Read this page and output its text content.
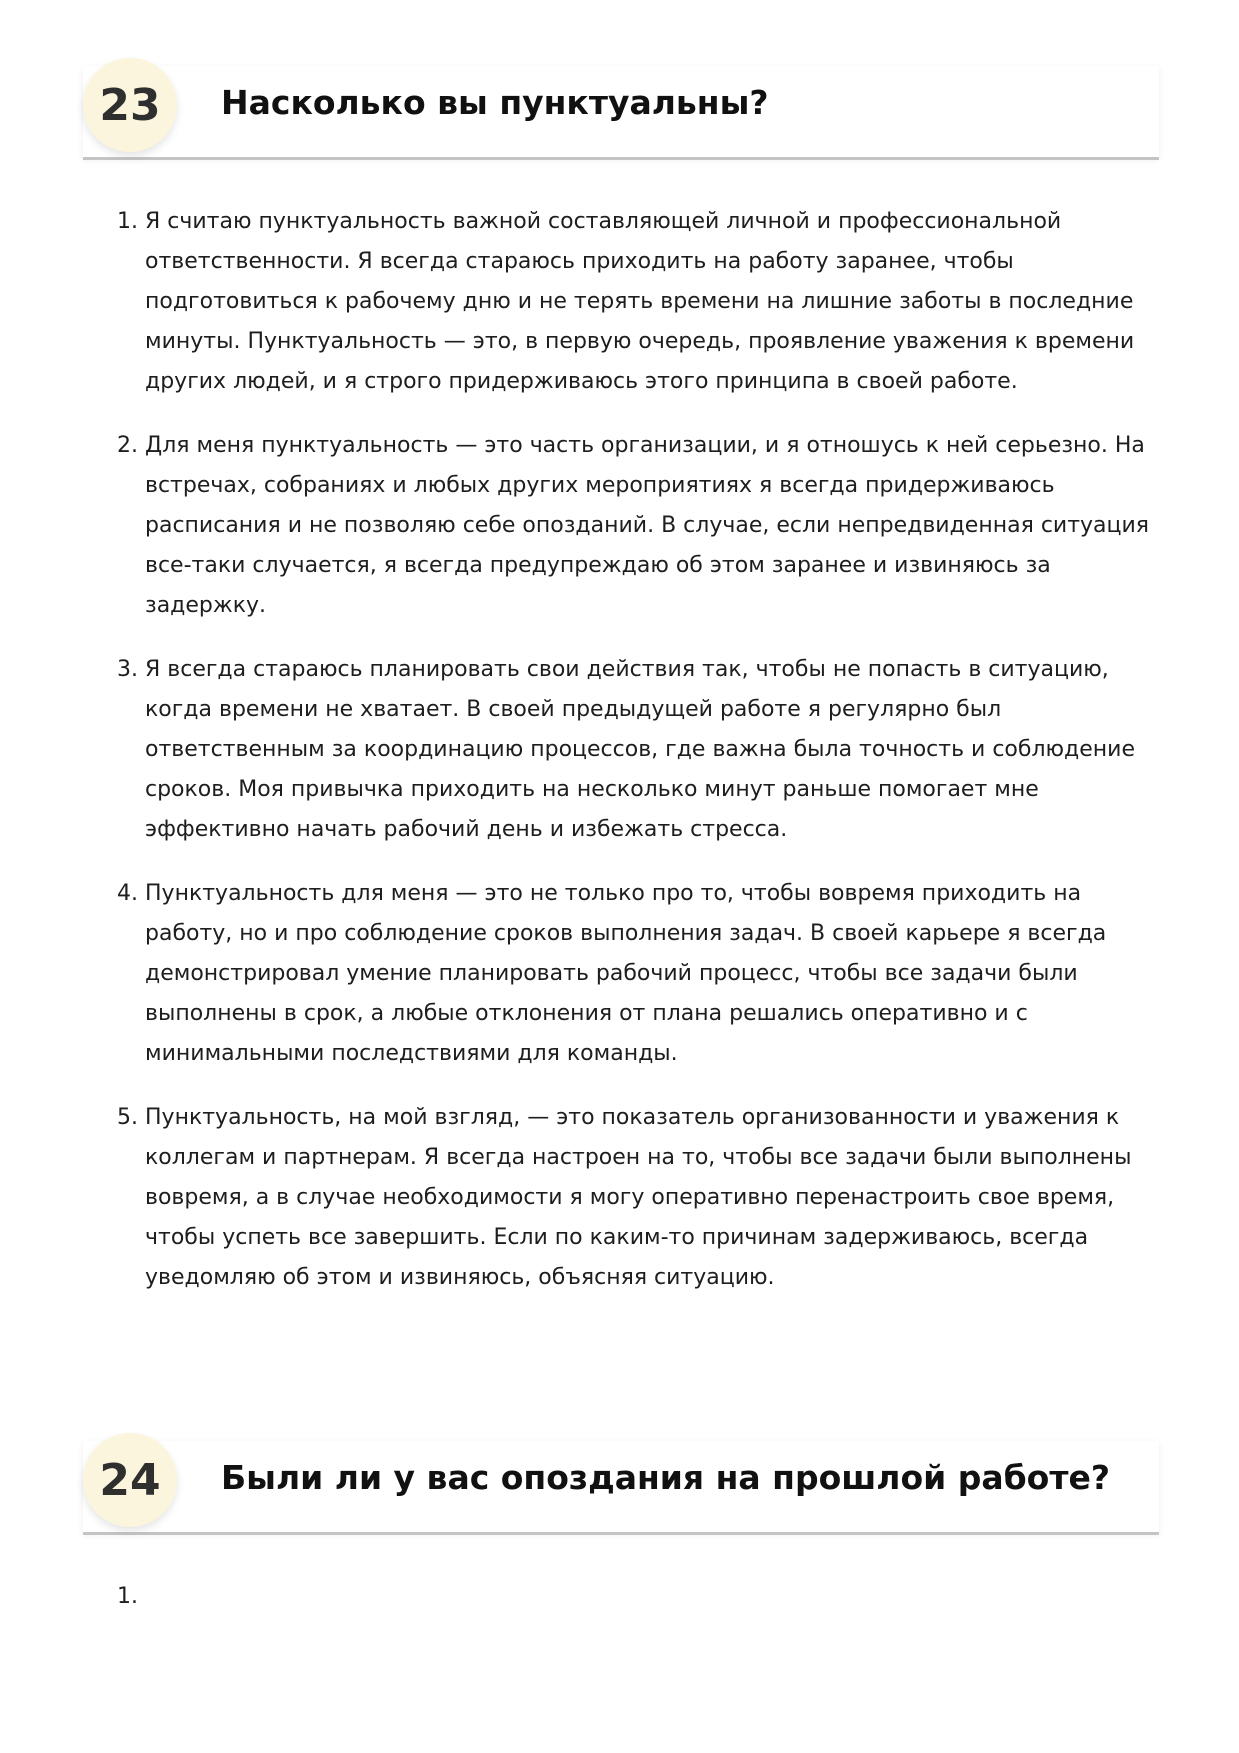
23	Насколько вы пунктуальны?
1. Я считаю пунктуальность важной составляющей личной и профессиональной ответственности. Я всегда стараюсь приходить на работу заранее, чтобы подготовиться к рабочему дню и не терять времени на лишние заботы в последние минуты. Пунктуальность — это, в первую очередь, проявление уважения к времени других людей, и я строго придерживаюсь этого принципа в своей работе.
2. Для меня пунктуальность — это часть организации, и я отношусь к ней серьезно. На встречах, собраниях и любых других мероприятиях я всегда придерживаюсь расписания и не позволяю себе опозданий. В случае, если непредвиденная ситуация все-таки случается, я всегда предупреждаю об этом заранее и извиняюсь за задержку.
3. Я всегда стараюсь планировать свои действия так, чтобы не попасть в ситуацию, когда времени не хватает. В своей предыдущей работе я регулярно был ответственным за координацию процессов, где важна была точность и соблюдение сроков. Моя привычка приходить на несколько минут раньше помогает мне эффективно начать рабочий день и избежать стресса.
4. Пунктуальность для меня — это не только про то, чтобы вовремя приходить на работу, но и про соблюдение сроков выполнения задач. В своей карьере я всегда демонстрировал умение планировать рабочий процесс, чтобы все задачи были выполнены в срок, а любые отклонения от плана решались оперативно и с минимальными последствиями для команды.
5. Пунктуальность, на мой взгляд, — это показатель организованности и уважения к коллегам и партнерам. Я всегда настроен на то, чтобы все задачи были выполнены вовремя, а в случае необходимости я могу оперативно перенастроить свое время, чтобы успеть все завершить. Если по каким-то причинам задерживаюсь, всегда уведомляю об этом и извиняюсь, объясняя ситуацию.
24	Были ли у вас опоздания на прошлой работе?
1.
